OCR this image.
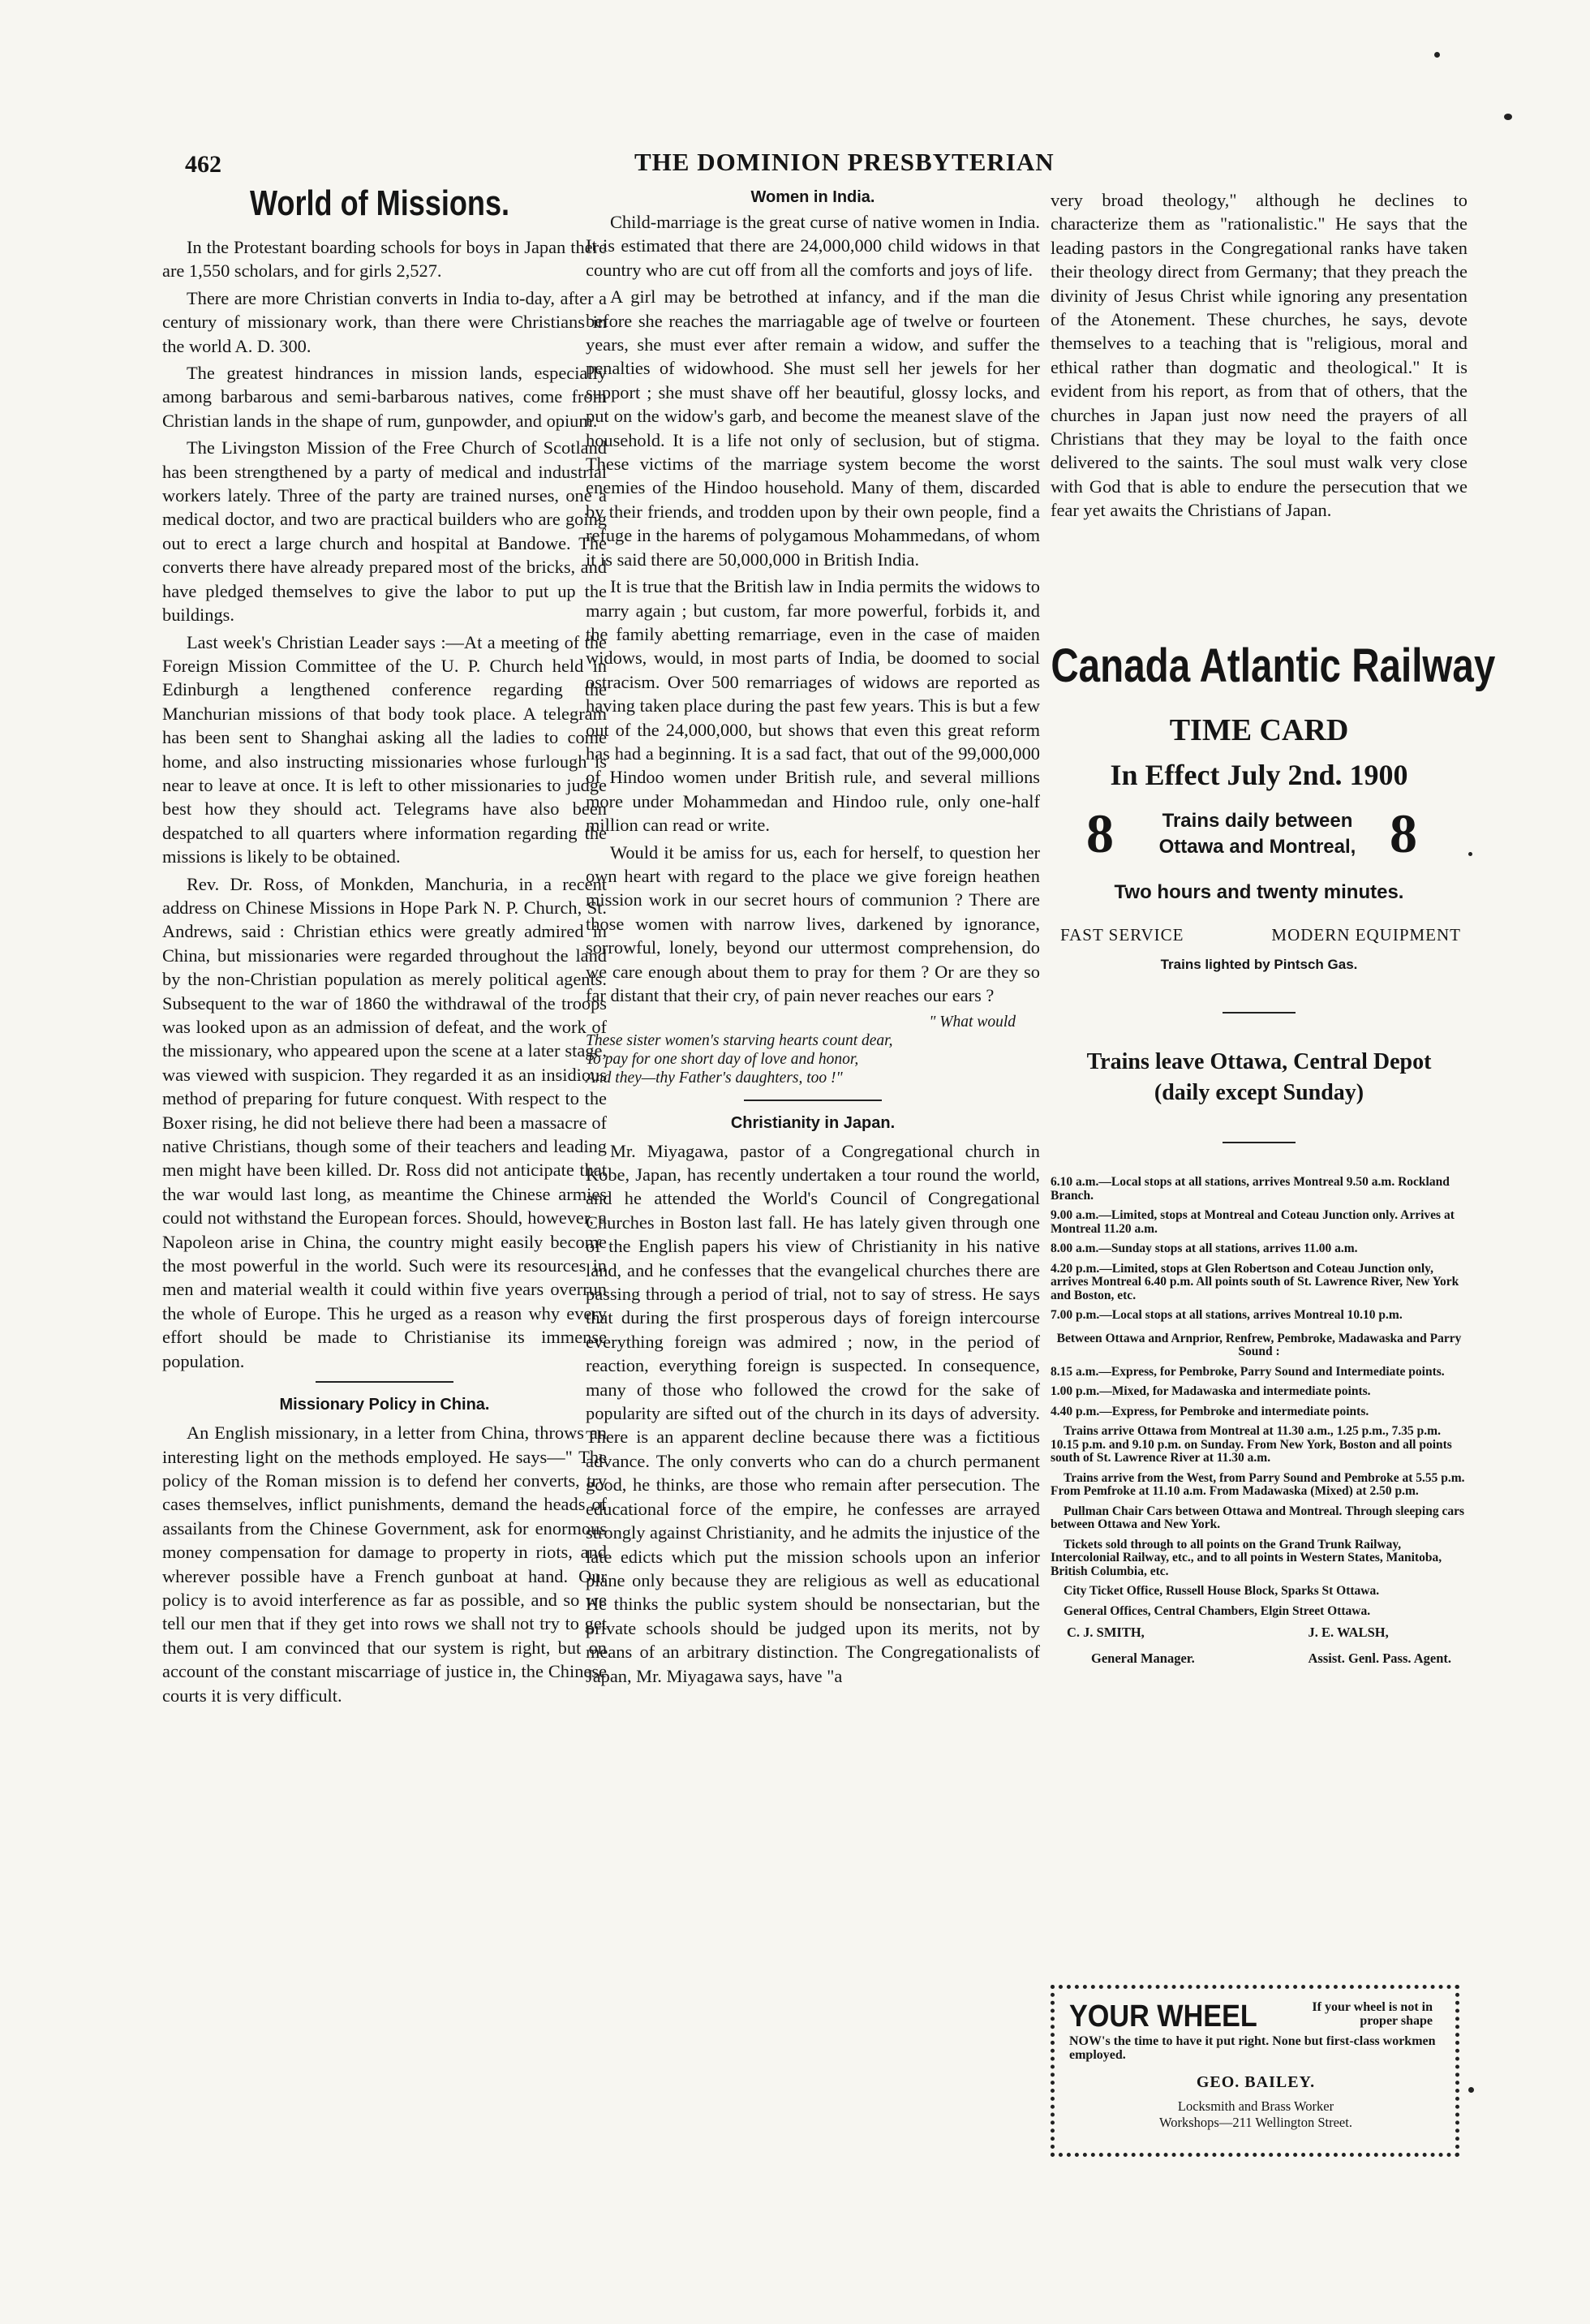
462	THE DOMINION PRESBYTERIAN
World of Missions.

In the Protestant boarding schools for boys in Japan there are 1,550 scholars, and for girls 2,527.

There are more Christian converts in India to-day, after a century of missionary work, than there were Christians in the world A. D. 300.

The greatest hindrances in mission lands, especially among barbarous and semi-barbarous natives, come from Christian lands in the shape of rum, gunpowder, and opium.

The Livingston Mission of the Free Church of Scotland has been strengthened by a party of medical and industrial workers lately. Three of the party are trained nurses, one a medical doctor, and two are practical builders who are going out to erect a large church and hospital at Bandowe. The converts there have already prepared most of the bricks, and have pledged themselves to give the labor to put up the buildings.

Last week's Christian Leader says :—At a meeting of the Foreign Mission Committee of the U. P. Church held in Edinburgh a lengthened conference regarding the Manchurian missions of that body took place. A telegram has been sent to Shanghai asking all the ladies to come home, and also instructing missionaries whose furlough is near to leave at once. It is left to other missionaries to judge best how they should act. Telegrams have also been despatched to all quarters where information regarding the missions is likely to be obtained.

Rev. Dr. Ross, of Monkden, Manchuria, in a recent address on Chinese Missions in Hope Park N. P. Church, St. Andrews, said : Christian ethics were greatly admired in China, but missionaries were regarded throughout the land by the non-Christian population as merely political agents. Subsequent to the war of 1860 the withdrawal of the troops was looked upon as an admission of defeat, and the work of the missionary, who appeared upon the scene at a later stage, was viewed with suspicion. They regarded it as an insidious method of preparing for future conquest. With respect to the Boxer rising, he did not believe there had been a massacre of native Christians, though some of their teachers and leading men might have been killed. Dr. Ross did not anticipate that the war would last long, as meantime the Chinese armies could not withstand the European forces. Should, however, a Napoleon arise in China, the country might easily become the most powerful in the world. Such were its resources in men and material wealth it could within five years overrun the whole of Europe. This he urged as a reason why every effort should be made to Christianise its immense population.

Missionary Policy in China.

An English missionary, in a letter from China, throws an interesting light on the methods employed. He says—" The policy of the Roman mission is to defend her converts, try cases themselves, inflict punishments, demand the heads of assailants from the Chinese Government, ask for enormous money compensation for damage to property in riots, and wherever possible have a French gunboat at hand. Our policy is to avoid interference as far as possible, and so we tell our men that if they get into rows we shall not try to get them out. I am convinced that our system is right, but on account of the constant miscarriage of justice in, the Chinese courts it is very difficult.

Women in India.

Child-marriage is the great curse of native women in India. It is estimated that there are 24,000,000 child widows in that country who are cut off from all the comforts and joys of life.

A girl may be betrothed at infancy, and if the man die before she reaches the marriagable age of twelve or fourteen years, she must ever after remain a widow, and suffer the penalties of widowhood. She must sell her jewels for her support ; she must shave off her beautiful, glossy locks, and put on the widow's garb, and become the meanest slave of the household. It is a life not only of seclusion, but of stigma. These victims of the marriage system become the worst enemies of the Hindoo household. Many of them, discarded by their friends, and trodden upon by their own people, find a refuge in the harems of polygamous Mohammedans, of whom it is said there are 50,000,000 in British India.

It is true that the British law in India permits the widows to marry again ; but custom, far more powerful, forbids it, and the family abetting remarriage, even in the case of maiden widows, would, in most parts of India, be doomed to social ostracism. Over 500 remarriages of widows are reported as having taken place during the past few years. This is but a few out of the 24,000,000, but shows that even this great reform has had a beginning. It is a sad fact, that out of the 99,000,000 of Hindoo women under British rule, and several millions more under Mohammedan and Hindoo rule, only one-half million can read or write.

Would it be amiss for us, each for herself, to question her own heart with regard to the place we give foreign heathen mission work in our secret hours of communion ? There are those women with narrow lives, darkened by ignorance, sorrowful, lonely, beyond our uttermost comprehension, do we care enough about them to pray for them ? Or are they so far distant that their cry, of pain never reaches our ears ?

" What would

These sister women's starving hearts count dear,

To pay for one short day of love and honor,

And they—thy Father's daughters, too !"

Christianity in Japan.

Mr. Miyagawa, pastor of a Congregational church in Kobe, Japan, has recently undertaken a tour round the world, and he attended the World's Council of Congregational Churches in Boston last fall. He has lately given through one of the English papers his view of Christianity in his native land, and he confesses that the evangelical churches there are passing through a period of trial, not to say of stress. He says that during the first prosperous days of foreign intercourse everything foreign was admired ; now, in the period of reaction, everything foreign is suspected. In consequence, many of those who followed the crowd for the sake of popularity are sifted out of the church in its days of adversity. There is an apparent decline because there was a fictitious advance. The only converts who can do a church permanent good, he thinks, are those who remain after persecution. The educational force of the empire, he confesses are arrayed strongly against Christianity, and he admits the injustice of the late edicts which put the mission schools upon an inferior plane only because they are religious as well as educational He thinks the public system should be nonsectarian, but the private schools should be judged upon its merits, not by means of an arbitrary distinction. The Congregationalists of Japan, Mr. Miyagawa says, have "a

very broad theology," although he declines to characterize them as "rationalistic." He says that the leading pastors in the Congregational ranks have taken their theology direct from Germany; that they preach the divinity of Jesus Christ while ignoring any presentation of the Atonement. These churches, he says, devote themselves to a teaching that is "religious, moral and ethical rather than dogmatic and theological." It is evident from his report, as from that of others, that the churches in Japan just now need the prayers of all Christians that they may be loyal to the faith once delivered to the saints. The soul must walk very close with God that is able to endure the persecution that we fear yet awaits the Christians of Japan.

Canada Atlantic Railway
TIME CARD
In Effect July 2nd. 1900
8	Trains daily between
Ottawa and Montreal, 8
Two hours and twenty minutes.
FAST SERVICE	MODERN EQUIPMENT
Trains lighted by Pintsch Gas.
Trains leave Ottawa, Central Depot
(daily except Sunday)

6.10 a.m.—Local stops at all stations, arrives Montreal 9.50 a.m. Rockland Branch.

9.00 a.m.—Limited, stops at Montreal and Coteau Junction only. Arrives at Montreal 11.20 a.m.

8.00 a.m.—Sunday stops at all stations, arrives 11.00 a.m.

4.20 p.m.—Limited, stops at Glen Robertson and Coteau Junction only, arrives Montreal 6.40 p.m. All points south of St. Lawrence River, New York and Boston, etc.

7.00 p.m.—Local stops at all stations, arrives Montreal 10.10 p.m.

Between Ottawa and Arnprior, Renfrew, Pembroke, Madawaska and Parry Sound :

8.15 a.m.—Express, for Pembroke, Parry Sound and Intermediate points.

1.00 p.m.—Mixed, for Madawaska and intermediate points.

4.40 p.m.—Express, for Pembroke and intermediate points.

Trains arrive Ottawa from Montreal at 11.30 a.m., 1.25 p.m., 7.35 p.m. 10.15 p.m. and 9.10 p.m. on Sunday. From New York, Boston and all points south of St. Lawrence River at 11.30 a.m.

Trains arrive from the West, from Parry Sound and Pembroke at 5.55 p.m. From Pemfroke at 11.10 a.m. From Madawaska (Mixed) at 2.50 p.m.

Pullman Chair Cars between Ottawa and Montreal. Through sleeping cars between Ottawa and New York.

Tickets sold through to all points on the Grand Trunk Railway, Intercolonial Railway, etc., and to all points in Western States, Manitoba, British Columbia, etc.

City Ticket Office, Russell House Block, Sparks St Ottawa.

General Offices, Central Chambers, Elgin Street Ottawa.

C. J. SMITH,
General Manager.
J. E. WALSH,
Assist. Genl. Pass. Agent.
YOUR WHEEL	If your wheel is not in proper shape
NOW's the time to have it put right. None but first-class workmen employed.
GEO. BAILEY.
Locksmith and Brass Worker
Workshops—211 Wellington Street.
